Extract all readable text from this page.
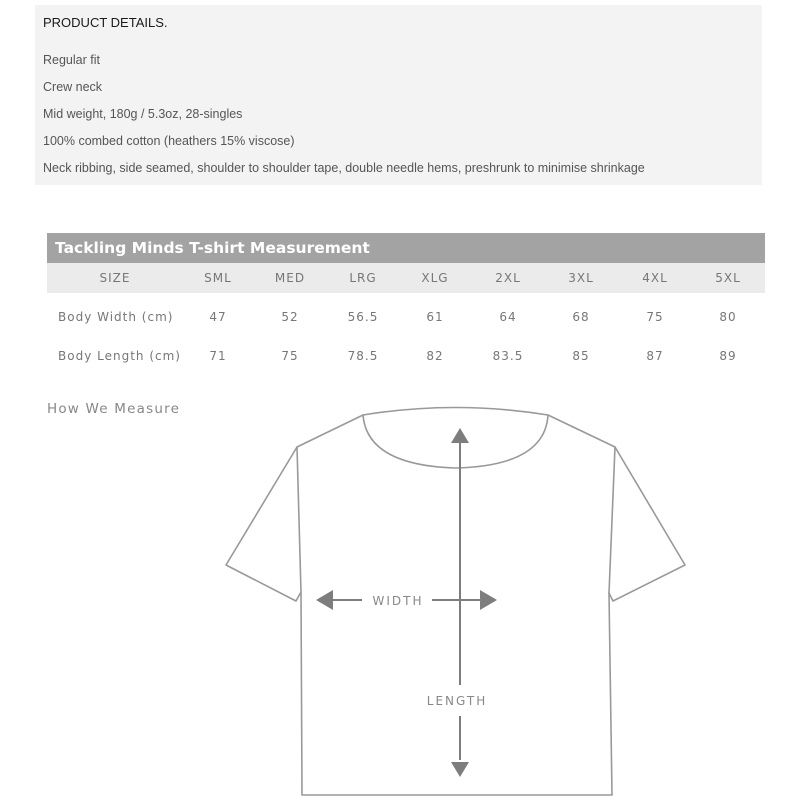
PRODUCT DETAILS.
Regular fit
Crew neck
Mid weight, 180g / 5.3oz, 28-singles
100% combed cotton (heathers 15% viscose)
Neck ribbing, side seamed, shoulder to shoulder tape, double needle hems, preshrunk to minimise shrinkage
Tackling Minds T-shirt Measurement
SIZE	SML	MED	LRG	XLG	2XL	3XL	4XL	5XL
Body Width (cm)	47	52	56.5	61	64	68	75	80
Body Length (cm) 71	75	78.5	82	83.5	85	87	89
How We Measure
WIDTH
LENGTH
